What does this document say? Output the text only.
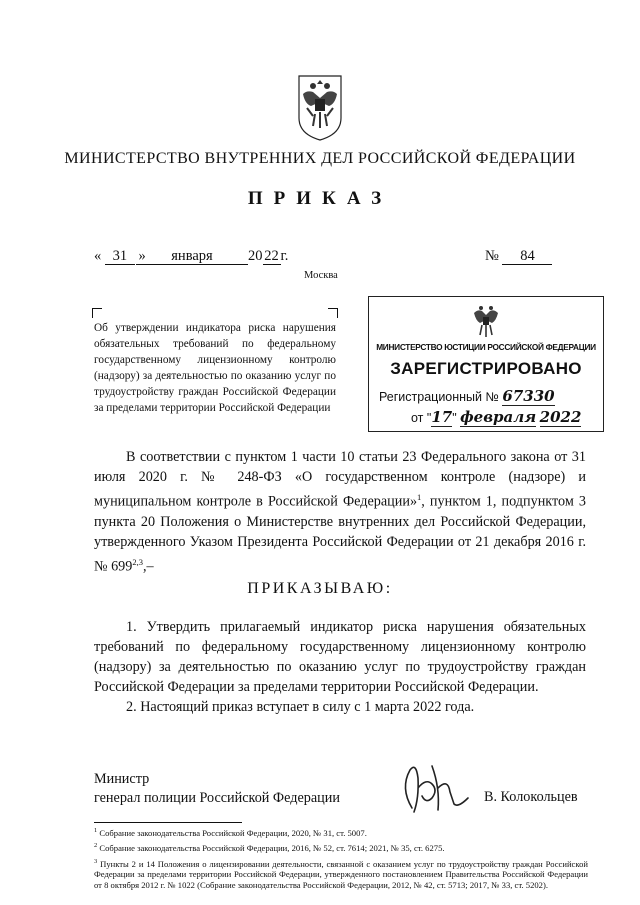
МИНИСТЕРСТВО ВНУТРЕННИХ ДЕЛ РОССИЙСКОЙ ФЕДЕРАЦИИ
ПРИКАЗ
« 31 »	января 20 22 г.	№ 84
Москва
Об утверждении индикатора риска нарушения обязательных требований по федеральному государственному лицензионному контролю (надзору) за деятельностью по оказанию услуг по трудоустройству граждан Российской Федерации за пределами территории Российской Федерации
МИНИСТЕРСТВО ЮСТИЦИИ РОССИЙСКОЙ ФЕДЕРАЦИИ
ЗАРЕГИСТРИРОВАНО
Регистрационный № 67330
от "17" февраля 2022
В соответствии с пунктом 1 части 10 статьи 23 Федерального закона от 31 июля 2020 г. № 248-ФЗ «О государственном контроле (надзоре) и муниципальном контроле в Российской Федерации»$^1$, пунктом 1, подпунктом 3 пункта 20 Положения о Министерстве внутренних дел Российской Федерации, утвержденного Указом Президента Российской Федерации от 21 декабря 2016 г. № 699$^{2,3}$,–
ПРИКАЗЫВАЮ:

1. Утвердить прилагаемый индикатор риска нарушения обязательных требований по федеральному государственному лицензионному контролю (надзору) за деятельностью по оказанию услуг по трудоустройству граждан Российской Федерации за пределами территории Российской Федерации.

2. Настоящий приказ вступает в силу с 1 марта 2022 года.

Министр
генерал полиции Российской Федерации	В. Колокольцев

$^1$ Собрание законодательства Российской Федерации, 2020, № 31, ст. 5007.

$^2$ Собрание законодательства Российской Федерации, 2016, № 52, ст. 7614; 2021, № 35, ст. 6275.

$^3$ Пункты 2 и 14 Положения о лицензировании деятельности, связанной с оказанием услуг по трудоустройству граждан Российской Федерации за пределами территории Российской Федерации, утвержденного постановлением Правительства Российской Федерации от 8 октября 2012 г. № 1022 (Собрание законодательства Российской Федерации, 2012, № 42, ст. 5713; 2017, № 33, ст. 5202).
